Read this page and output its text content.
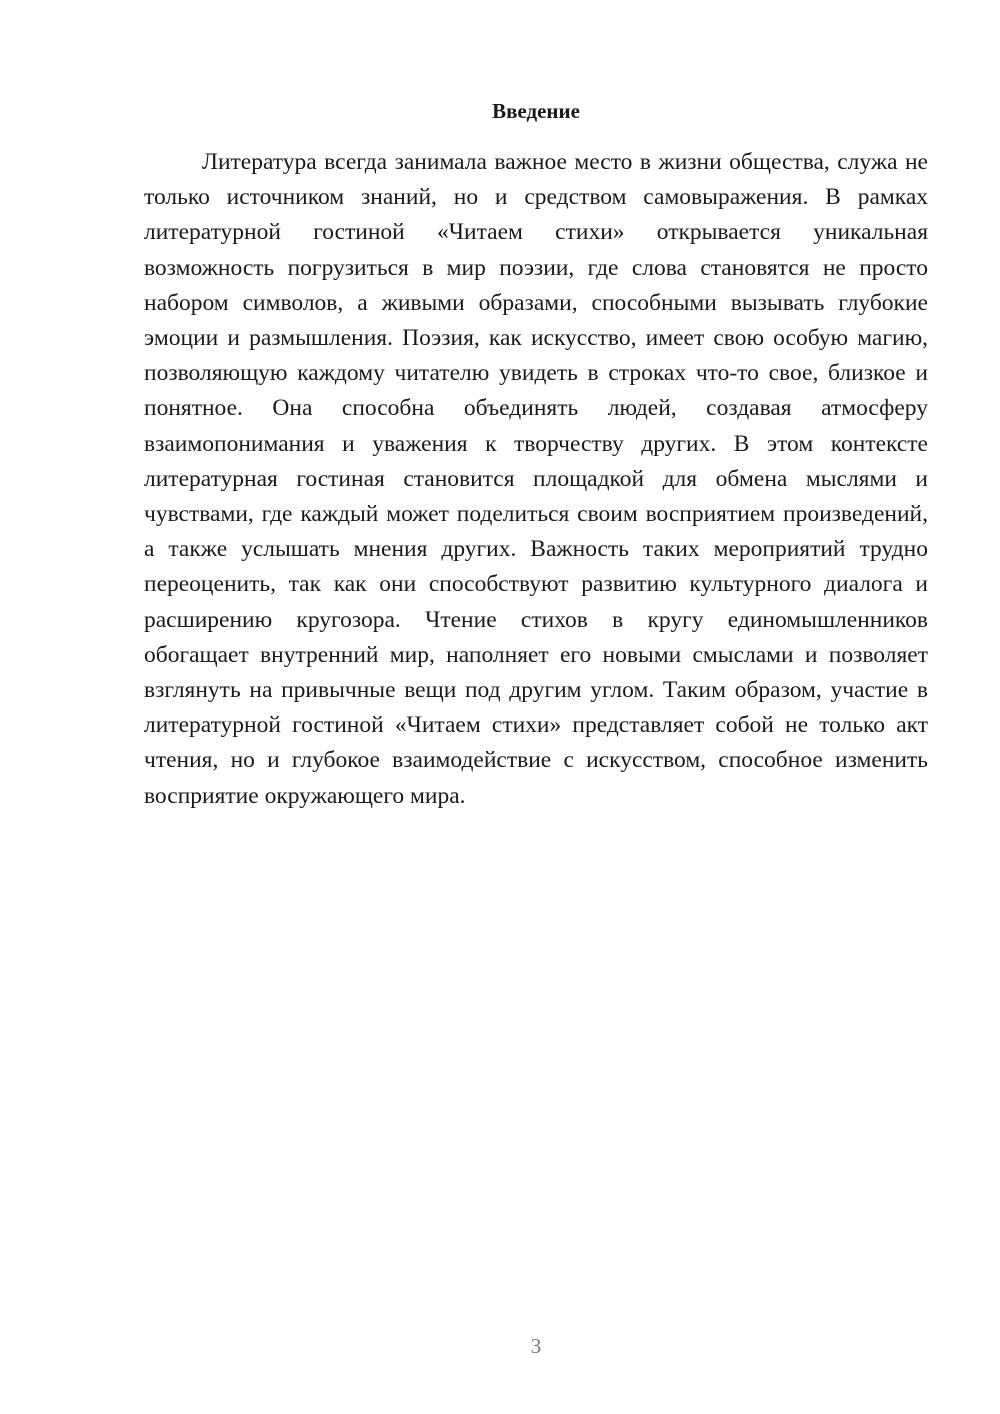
Введение

Литература всегда занимала важное место в жизни общества, служа не только источником знаний, но и средством самовыражения. В рамках литературной гостиной «Читаем стихи» открывается уникальная возможность погрузиться в мир поэзии, где слова становятся не просто набором символов, а живыми образами, способными вызывать глубокие эмоции и размышления. Поэзия, как искусство, имеет свою особую магию, позволяющую каждому читателю увидеть в строках что-то свое, близкое и понятное. Она способна объединять людей, создавая атмосферу взаимопонимания и уважения к творчеству других. В этом контексте литературная гостиная становится площадкой для обмена мыслями и чувствами, где каждый может поделиться своим восприятием произведений, а также услышать мнения других. Важность таких мероприятий трудно переоценить, так как они способствуют развитию культурного диалога и расширению кругозора. Чтение стихов в кругу единомышленников обогащает внутренний мир, наполняет его новыми смыслами и позволяет взглянуть на привычные вещи под другим углом. Таким образом, участие в литературной гостиной «Читаем стихи» представляет собой не только акт чтения, но и глубокое взаимодействие с искусством, способное изменить восприятие окружающего мира.

3
